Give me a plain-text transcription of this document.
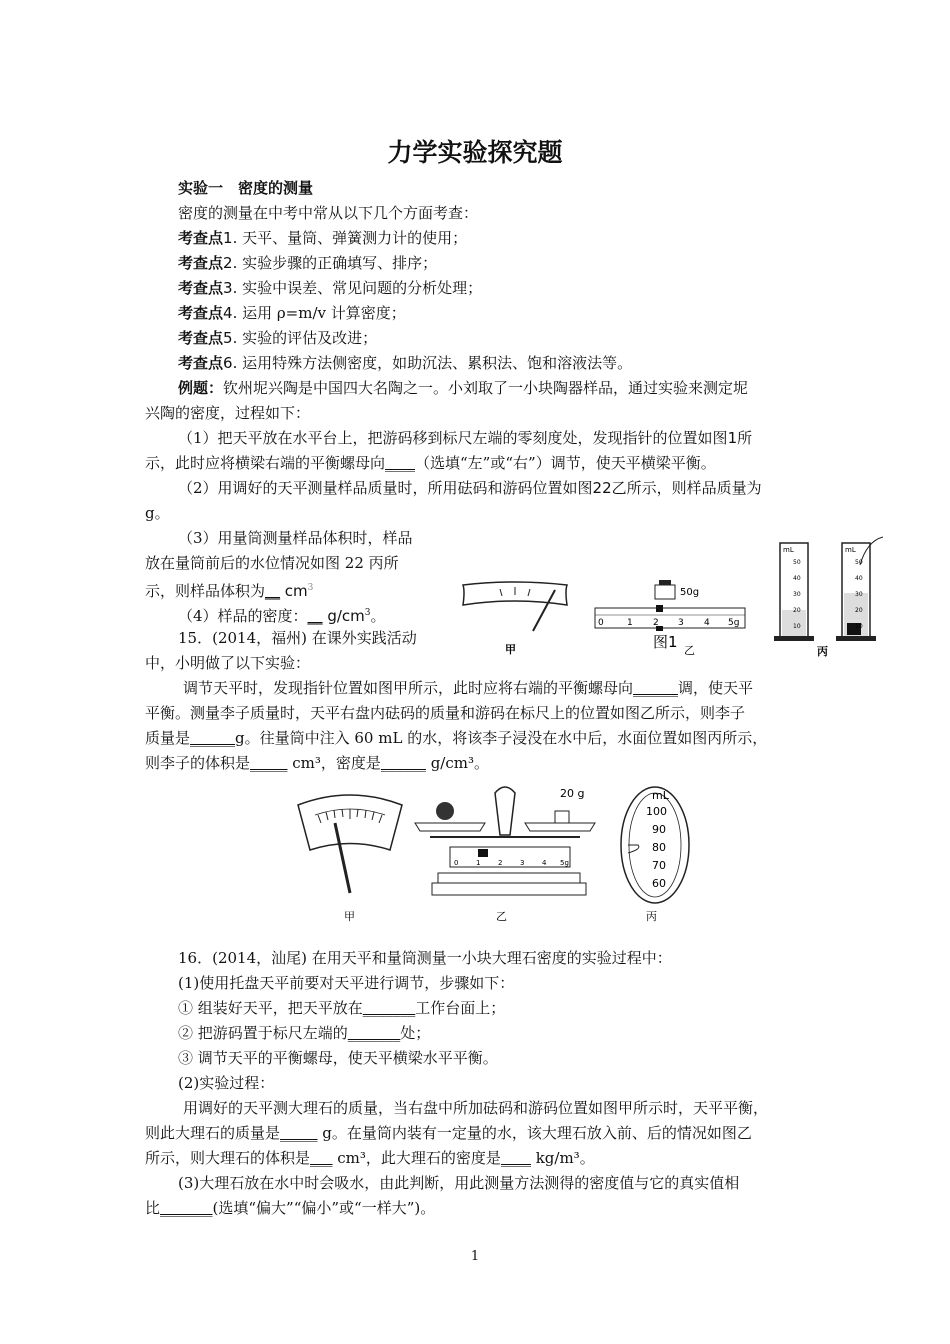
力学实验探究题
实验一　密度的测量
密度的测量在中考中常从以下几个方面考查：
考查点1. 天平、量筒、弹簧测力计的使用；
考查点2. 实验步骤的正确填写、排序；
考查点3. 实验中误差、常见问题的分析处理；
考查点4. 运用 ρ=m/v 计算密度；
考查点5. 实验的评估及改进；
考查点6. 运用特殊方法侧密度，如助沉法、累积法、饱和溶液法等。
例题：钦州坭兴陶是中国四大名陶之一。小刘取了一小块陶器样品，通过实验来测定坭
兴陶的密度，过程如下：
（1）把天平放在水平台上，把游码移到标尺左端的零刻度处，发现指针的位置如图1所
示，此时应将横梁右端的平衡螺母向____（选填“左”或“右”）调节，使天平横梁平衡。
（2）用调好的天平测量样品质量时，所用砝码和游码位置如图22乙所示，则样品质量为
g。
（3）用量筒测量样品体积时，样品
放在量筒前后的水位情况如图 22 丙所
示，则样品体积为__ $cm^3$
（4）样品的密度：__ $g/cm^3$。
甲
50g
0	1 2 3 4 5g
图1 乙
mL
50
40
30
20
10
mL
50
40
30
20
10
丙
15．(2014，福州) 在课外实践活动
中，小明做了以下实验：
调节天平时，发现指针位置如图甲所示，此时应将右端的平衡螺母向______调，使天平
平衡。测量李子质量时，天平右盘内砝码的质量和游码在标尺上的位置如图乙所示，则李子
质量是______g。往量筒中注入 60 mL 的水，将该李子浸没在水中后，水面位置如图丙所示，
则李子的体积是_____ cm³，密度是______ g/cm³。
甲
20 g
0	1	2	3	4 5g
乙
mL
100
90
80
70
60
丙
16．(2014，汕尾) 在用天平和量筒测量一小块大理石密度的实验过程中：
(1)使用托盘天平前要对天平进行调节，步骤如下：
① 组装好天平，把天平放在_______工作台面上；
② 把游码置于标尺左端的_______处；
③ 调节天平的平衡螺母，使天平横梁水平平衡。
(2)实验过程：
用调好的天平测大理石的质量，当右盘中所加砝码和游码位置如图甲所示时，天平平衡，
则此大理石的质量是_____ g。在量筒内装有一定量的水，该大理石放入前、后的情况如图乙
所示，则大理石的体积是___ cm³，此大理石的密度是____ kg/m³。
(3)大理石放在水中时会吸水，由此判断，用此测量方法测得的密度值与它的真实值相
比_______(选填“偏大”“偏小”或“一样大”)。
1
